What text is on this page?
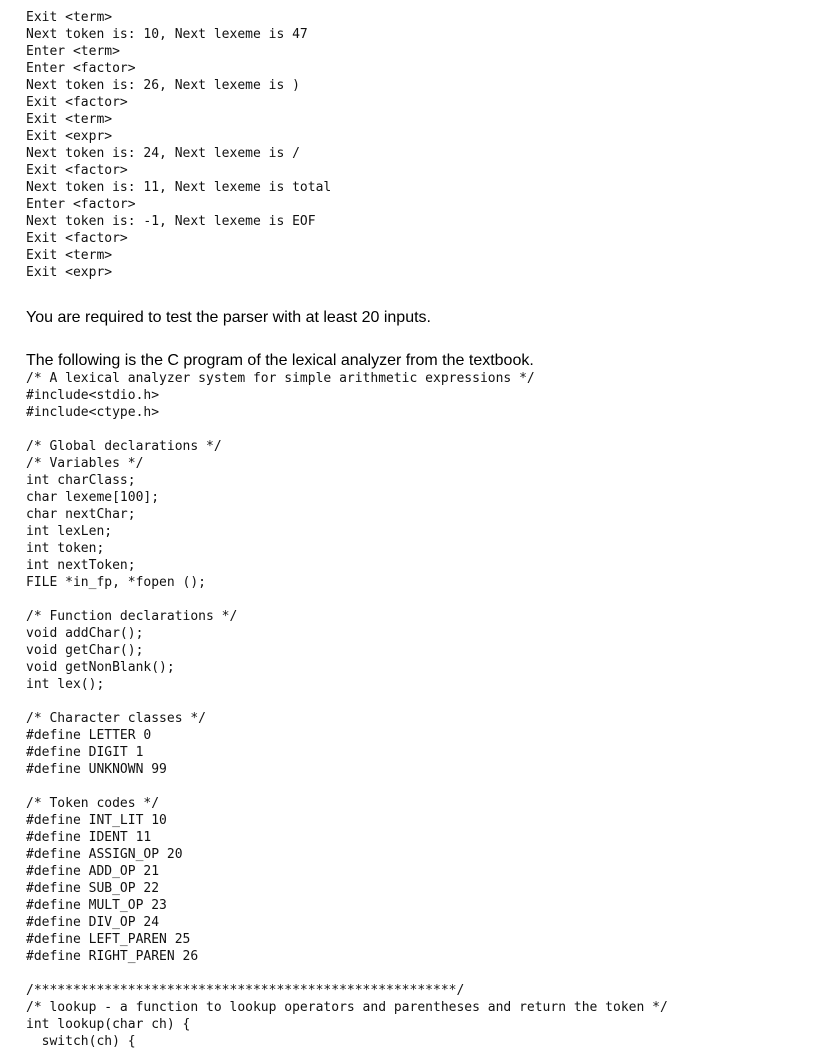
Exit <term>
Next token is: 10, Next lexeme is 47
Enter <term>
Enter <factor>
Next token is: 26, Next lexeme is )
Exit <factor>
Exit <term>
Exit <expr>
Next token is: 24, Next lexeme is /
Exit <factor>
Next token is: 11, Next lexeme is total
Enter <factor>
Next token is: -1, Next lexeme is EOF
Exit <factor>
Exit <term>
Exit <expr>

You are required to test the parser with at least 20 inputs.

The following is the C program of the lexical analyzer from the textbook.

/* A lexical analyzer system for simple arithmetic expressions */
#include<stdio.h>
#include<ctype.h>

/* Global declarations */
/* Variables */
int charClass;
char lexeme[100];
char nextChar;
int lexLen;
int token;
int nextToken;
FILE *in_fp, *fopen ();

/* Function declarations */
void addChar();
void getChar();
void getNonBlank();
int lex();

/* Character classes */
#define LETTER 0
#define DIGIT 1
#define UNKNOWN 99

/* Token codes */
#define INT_LIT 10
#define IDENT 11
#define ASSIGN_OP 20
#define ADD_OP 21
#define SUB_OP 22
#define MULT_OP 23
#define DIV_OP 24
#define LEFT_PAREN 25
#define RIGHT_PAREN 26

/******************************************************/
/* lookup - a function to lookup operators and parentheses and return the token */
int lookup(char ch) {
switch(ch) {
